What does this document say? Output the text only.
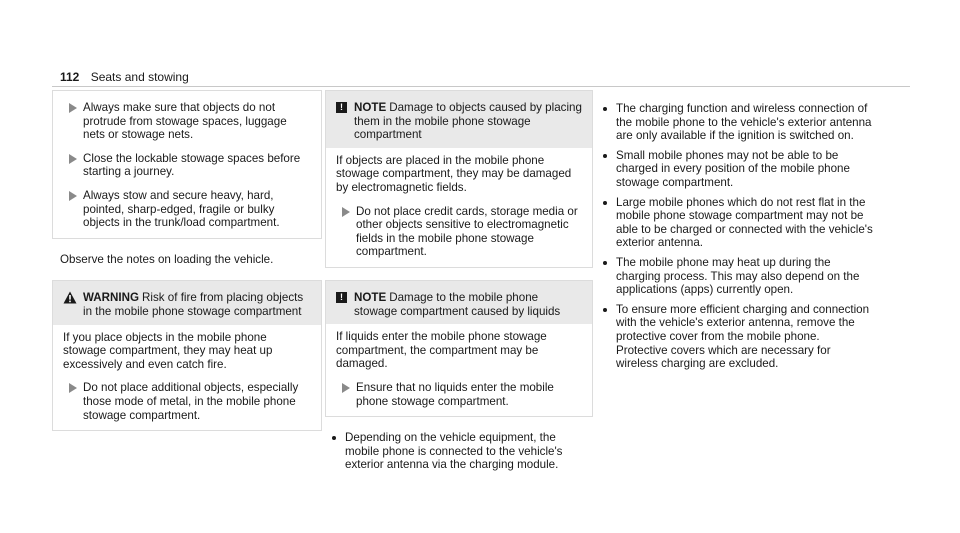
112 Seats and stowing
Always make sure that objects do not protrude from stowage spaces, luggage nets or stowage nets.
Close the lockable stowage spaces before starting a journey.
Always stow and secure heavy, hard, pointed, sharp-edged, fragile or bulky objects in the trunk/load compartment.
Observe the notes on loading the vehicle.
WARNING Risk of fire from placing objects in the mobile phone stowage compartment
If you place objects in the mobile phone stowage compartment, they may heat up excessively and even catch fire.
Do not place additional objects, especially those mode of metal, in the mobile phone stowage compartment.
! NOTE Damage to objects caused by placing them in the mobile phone stowage compartment
If objects are placed in the mobile phone stowage compartment, they may be damaged by electromagnetic fields.
Do not place credit cards, storage media or other objects sensitive to electromagnetic fields in the mobile phone stowage compartment.
! NOTE Damage to the mobile phone stowage compartment caused by liquids
If liquids enter the mobile phone stowage compartment, the compartment may be damaged.
Ensure that no liquids enter the mobile phone stowage compartment.
Depending on the vehicle equipment, the mobile phone is connected to the vehicle's exterior antenna via the charging module.
The charging function and wireless connection of the mobile phone to the vehicle's exterior antenna are only available if the ignition is switched on.
Small mobile phones may not be able to be charged in every position of the mobile phone stowage compartment.
Large mobile phones which do not rest flat in the mobile phone stowage compartment may not be able to be charged or connected with the vehicle's exterior antenna.
The mobile phone may heat up during the charging process. This may also depend on the applications (apps) currently open.
To ensure more efficient charging and connection with the vehicle's exterior antenna, remove the protective cover from the mobile phone. Protective covers which are necessary for wireless charging are excluded.
